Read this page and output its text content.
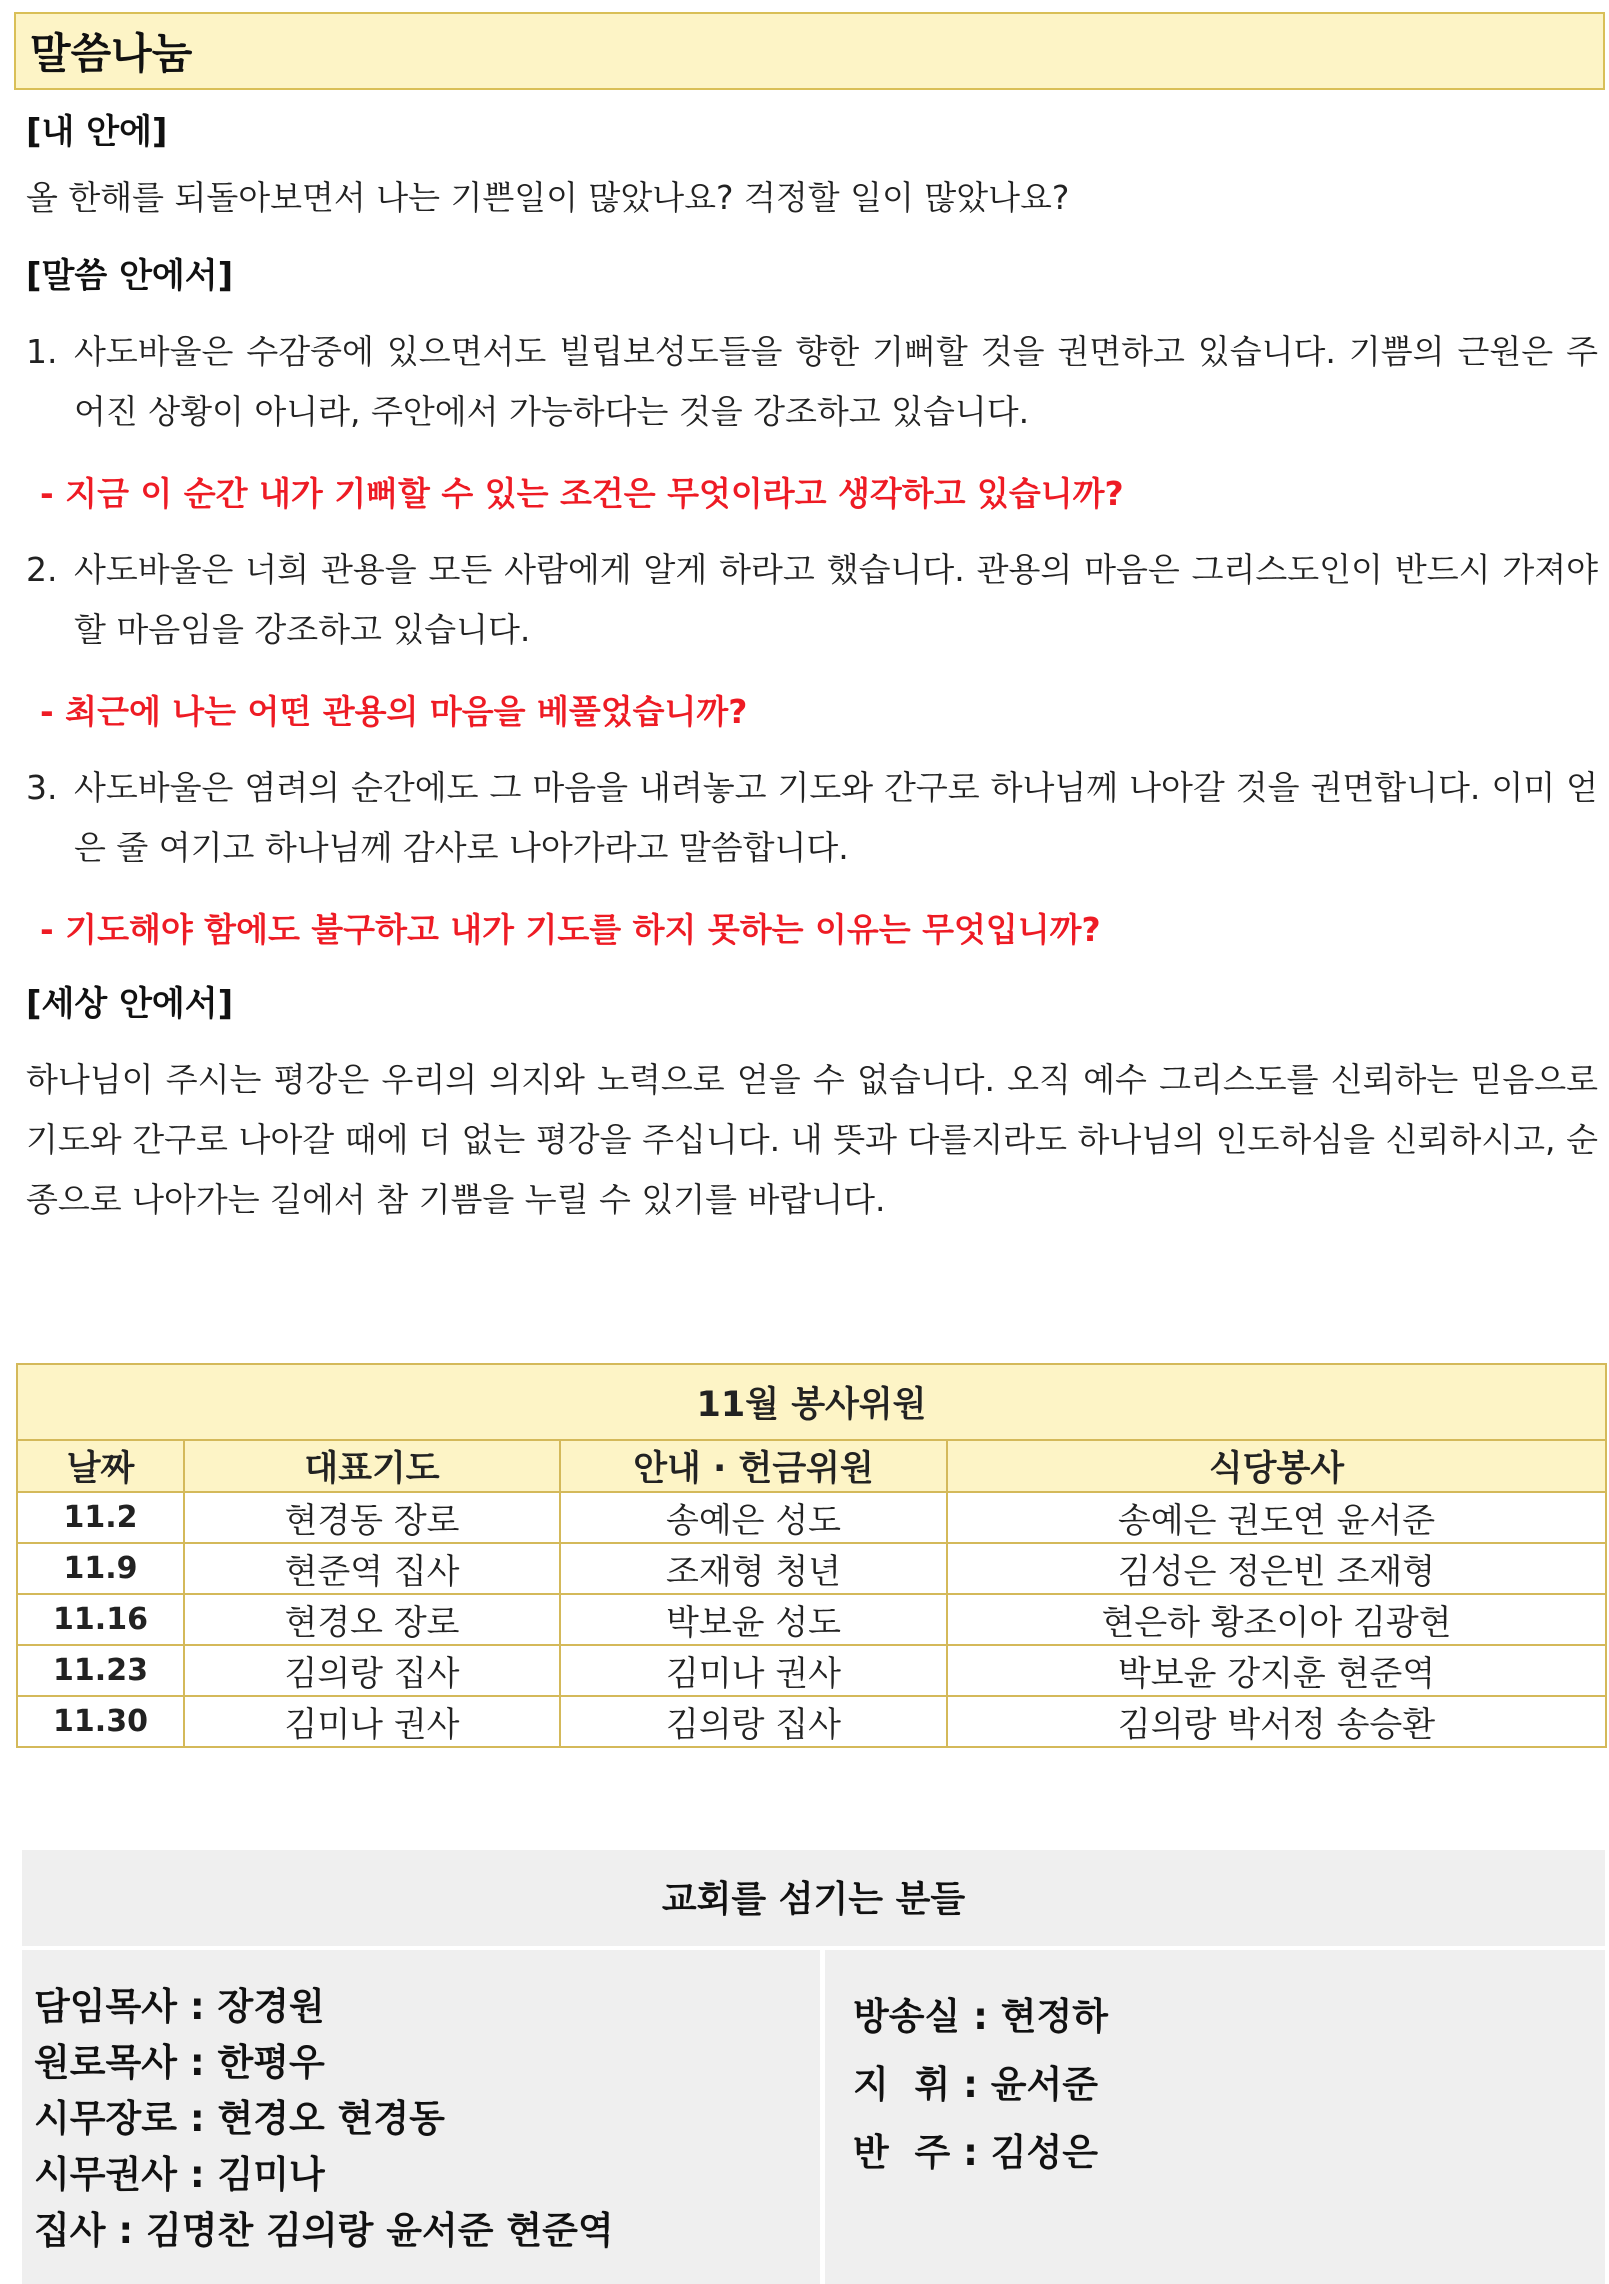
말씀나눔
[내 안에]
올 한해를 되돌아보면서 나는 기쁜일이 많았나요? 걱정할 일이 많았나요?
[말씀 안에서]
1. 사도바울은 수감중에 있으면서도 빌립보성도들을 향한 기뻐할 것을 권면하고 있습니다. 기쁨의 근원은 주어진 상황이 아니라, 주안에서 가능하다는 것을 강조하고 있습니다.
- 지금 이 순간 내가 기뻐할 수 있는 조건은 무엇이라고 생각하고 있습니까?
2. 사도바울은 너희 관용을 모든 사람에게 알게 하라고 했습니다. 관용의 마음은 그리스도인이 반드시 가져야 할 마음임을 강조하고 있습니다.
- 최근에 나는 어떤 관용의 마음을 베풀었습니까?
3. 사도바울은 염려의 순간에도 그 마음을 내려놓고 기도와 간구로 하나님께 나아갈 것을 권면합니다. 이미 얻은 줄 여기고 하나님께 감사로 나아가라고 말씀합니다.
- 기도해야 함에도 불구하고 내가 기도를 하지 못하는 이유는 무엇입니까?
[세상 안에서]
하나님이 주시는 평강은 우리의 의지와 노력으로 얻을 수 없습니다. 오직 예수 그리스도를 신뢰하는 믿음으로 기도와 간구로 나아갈 때에 더 없는 평강을 주십니다. 내 뜻과 다를지라도 하나님의 인도하심을 신뢰하시고, 순종으로 나아가는 길에서 참 기쁨을 누릴 수 있기를 바랍니다.
11월 봉사위원			
날짜	대표기도	안내 · 헌금위원	식당봉사
11.2	현경동 장로	송예은 성도	송예은 권도연 윤서준
11.9	현준역 집사	조재형 청년	김성은 정은빈 조재형
11.16	현경오 장로	박보윤 성도	현은하 황조이아 김광현
11.23	김의랑 집사	김미나 권사	박보윤 강지훈 현준역
11.30	김미나 권사	김의랑 집사	김의랑 박서정 송승환
교회를 섬기는 분들
담임목사 : 장경원
원로목사 : 한평우
시무장로 : 현경오 현경동
시무권사 : 김미나
집사 : 김명찬 김의랑 윤서준 현준역
방송실 : 현정하
지  휘 : 윤서준
반  주 : 김성은
